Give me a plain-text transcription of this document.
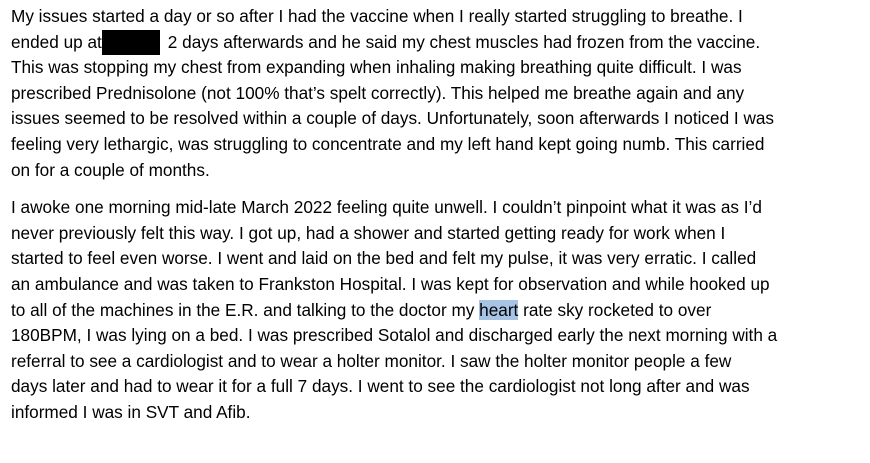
My issues started a day or so after I had the vaccine when I really started struggling to breathe. I
ended up at	2 days afterwards and he said my chest muscles had frozen from the vaccine.
This was stopping my chest from expanding when inhaling making breathing quite difficult. I was
prescribed Prednisolone (not 100% that’s spelt correctly). This helped me breathe again and any
issues seemed to be resolved within a couple of days. Unfortunately, soon afterwards I noticed I was
feeling very lethargic, was struggling to concentrate and my left hand kept going numb. This carried
on for a couple of months.
I awoke one morning mid-late March 2022 feeling quite unwell. I couldn’t pinpoint what it was as I’d
never previously felt this way. I got up, had a shower and started getting ready for work when I
started to feel even worse. I went and laid on the bed and felt my pulse, it was very erratic. I called
an ambulance and was taken to Frankston Hospital. I was kept for observation and while hooked up
to all of the machines in the E.R. and talking to the doctor my heart rate sky rocketed to over
180BPM, I was lying on a bed. I was prescribed Sotalol and discharged early the next morning with a
referral to see a cardiologist and to wear a holter monitor. I saw the holter monitor people a few
days later and had to wear it for a full 7 days. I went to see the cardiologist not long after and was
informed I was in SVT and Afib.
